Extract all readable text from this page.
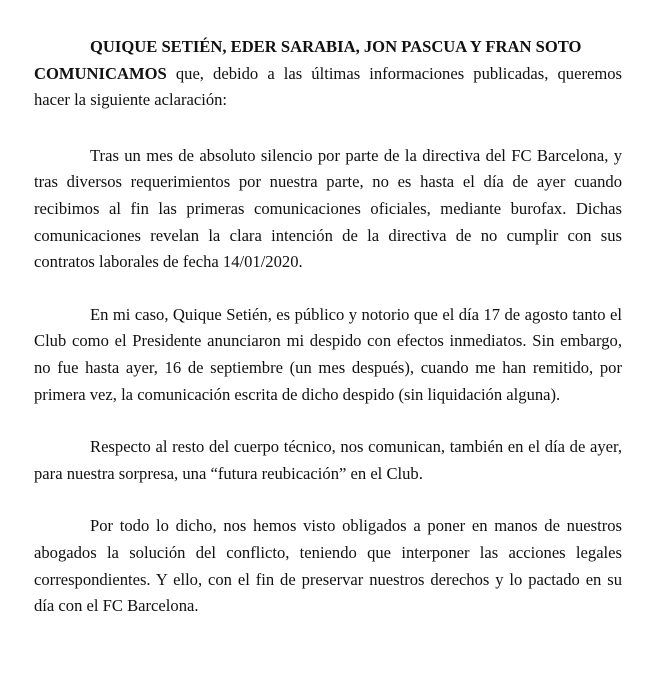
QUIQUE SETIÉN, EDER SARABIA, JON PASCUA Y FRAN SOTO
COMUNICAMOS que, debido a las últimas informaciones publicadas, queremos hacer la siguiente aclaración:

Tras un mes de absoluto silencio por parte de la directiva del FC Barcelona, y tras diversos requerimientos por nuestra parte, no es hasta el día de ayer cuando recibimos al fin las primeras comunicaciones oficiales, mediante burofax. Dichas comunicaciones revelan la clara intención de la directiva de no cumplir con sus contratos laborales de fecha 14/01/2020.

En mi caso, Quique Setién, es público y notorio que el día 17 de agosto tanto el Club como el Presidente anunciaron mi despido con efectos inmediatos. Sin embargo, no fue hasta ayer, 16 de septiembre (un mes después), cuando me han remitido, por primera vez, la comunicación escrita de dicho despido (sin liquidación alguna).

Respecto al resto del cuerpo técnico, nos comunican, también en el día de ayer, para nuestra sorpresa, una “futura reubicación” en el Club.

Por todo lo dicho, nos hemos visto obligados a poner en manos de nuestros abogados la solución del conflicto, teniendo que interponer las acciones legales correspondientes. Y ello, con el fin de preservar nuestros derechos y lo pactado en su día con el FC Barcelona.
